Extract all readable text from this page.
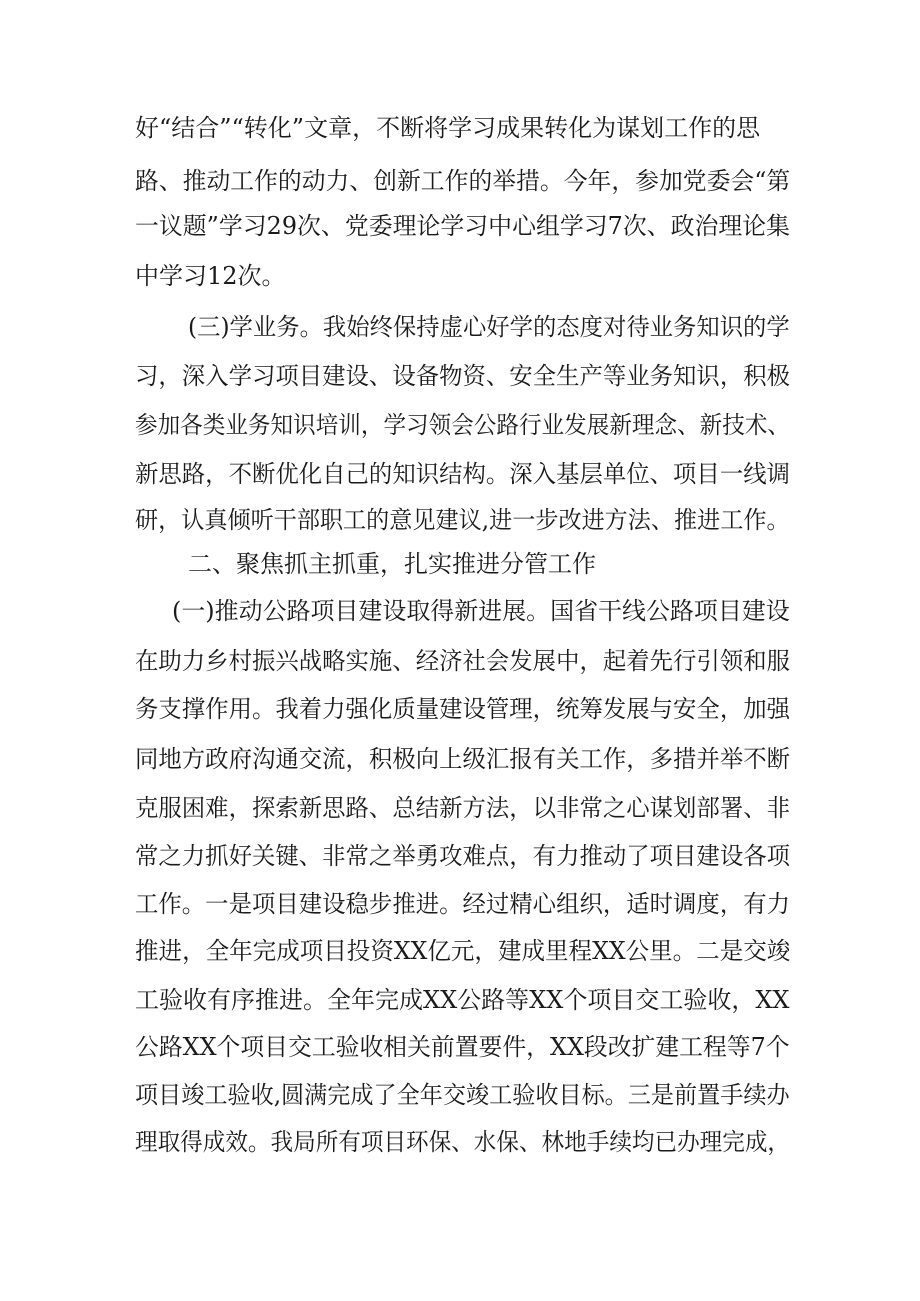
好“结合”“转化”文章，不断将学习成果转化为谋划工作的思
路、推动工作的动力、创新工作的举措。今年，参加党委会“第
一议题”学习29次、党委理论学习中心组学习7次、政治理论集
中学习12次。
(三)学业务。我始终保持虚心好学的态度对待业务知识的学
习，深入学习项目建设、设备物资、安全生产等业务知识，积极
参加各类业务知识培训，学习领会公路行业发展新理念、新技术、
新思路，不断优化自己的知识结构。深入基层单位、项目一线调
研，认真倾听干部职工的意见建议,进一步改进方法、推进工作。
二、聚焦抓主抓重，扎实推进分管工作
(一)推动公路项目建设取得新进展。国省干线公路项目建设
在助力乡村振兴战略实施、经济社会发展中，起着先行引领和服
务支撑作用。我着力强化质量建设管理，统筹发展与安全，加强
同地方政府沟通交流，积极向上级汇报有关工作，多措并举不断
克服困难，探索新思路、总结新方法，以非常之心谋划部署、非
常之力抓好关键、非常之举勇攻难点，有力推动了项目建设各项
工作。一是项目建设稳步推进。经过精心组织，适时调度，有力
推进，全年完成项目投资XX亿元，建成里程XX公里。二是交竣
工验收有序推进。全年完成XX公路等XX个项目交工验收，XX
公路XX个项目交工验收相关前置要件，XX段改扩建工程等7个
项目竣工验收,圆满完成了全年交竣工验收目标。三是前置手续办
理取得成效。我局所有项目环保、水保、林地手续均已办理完成，
